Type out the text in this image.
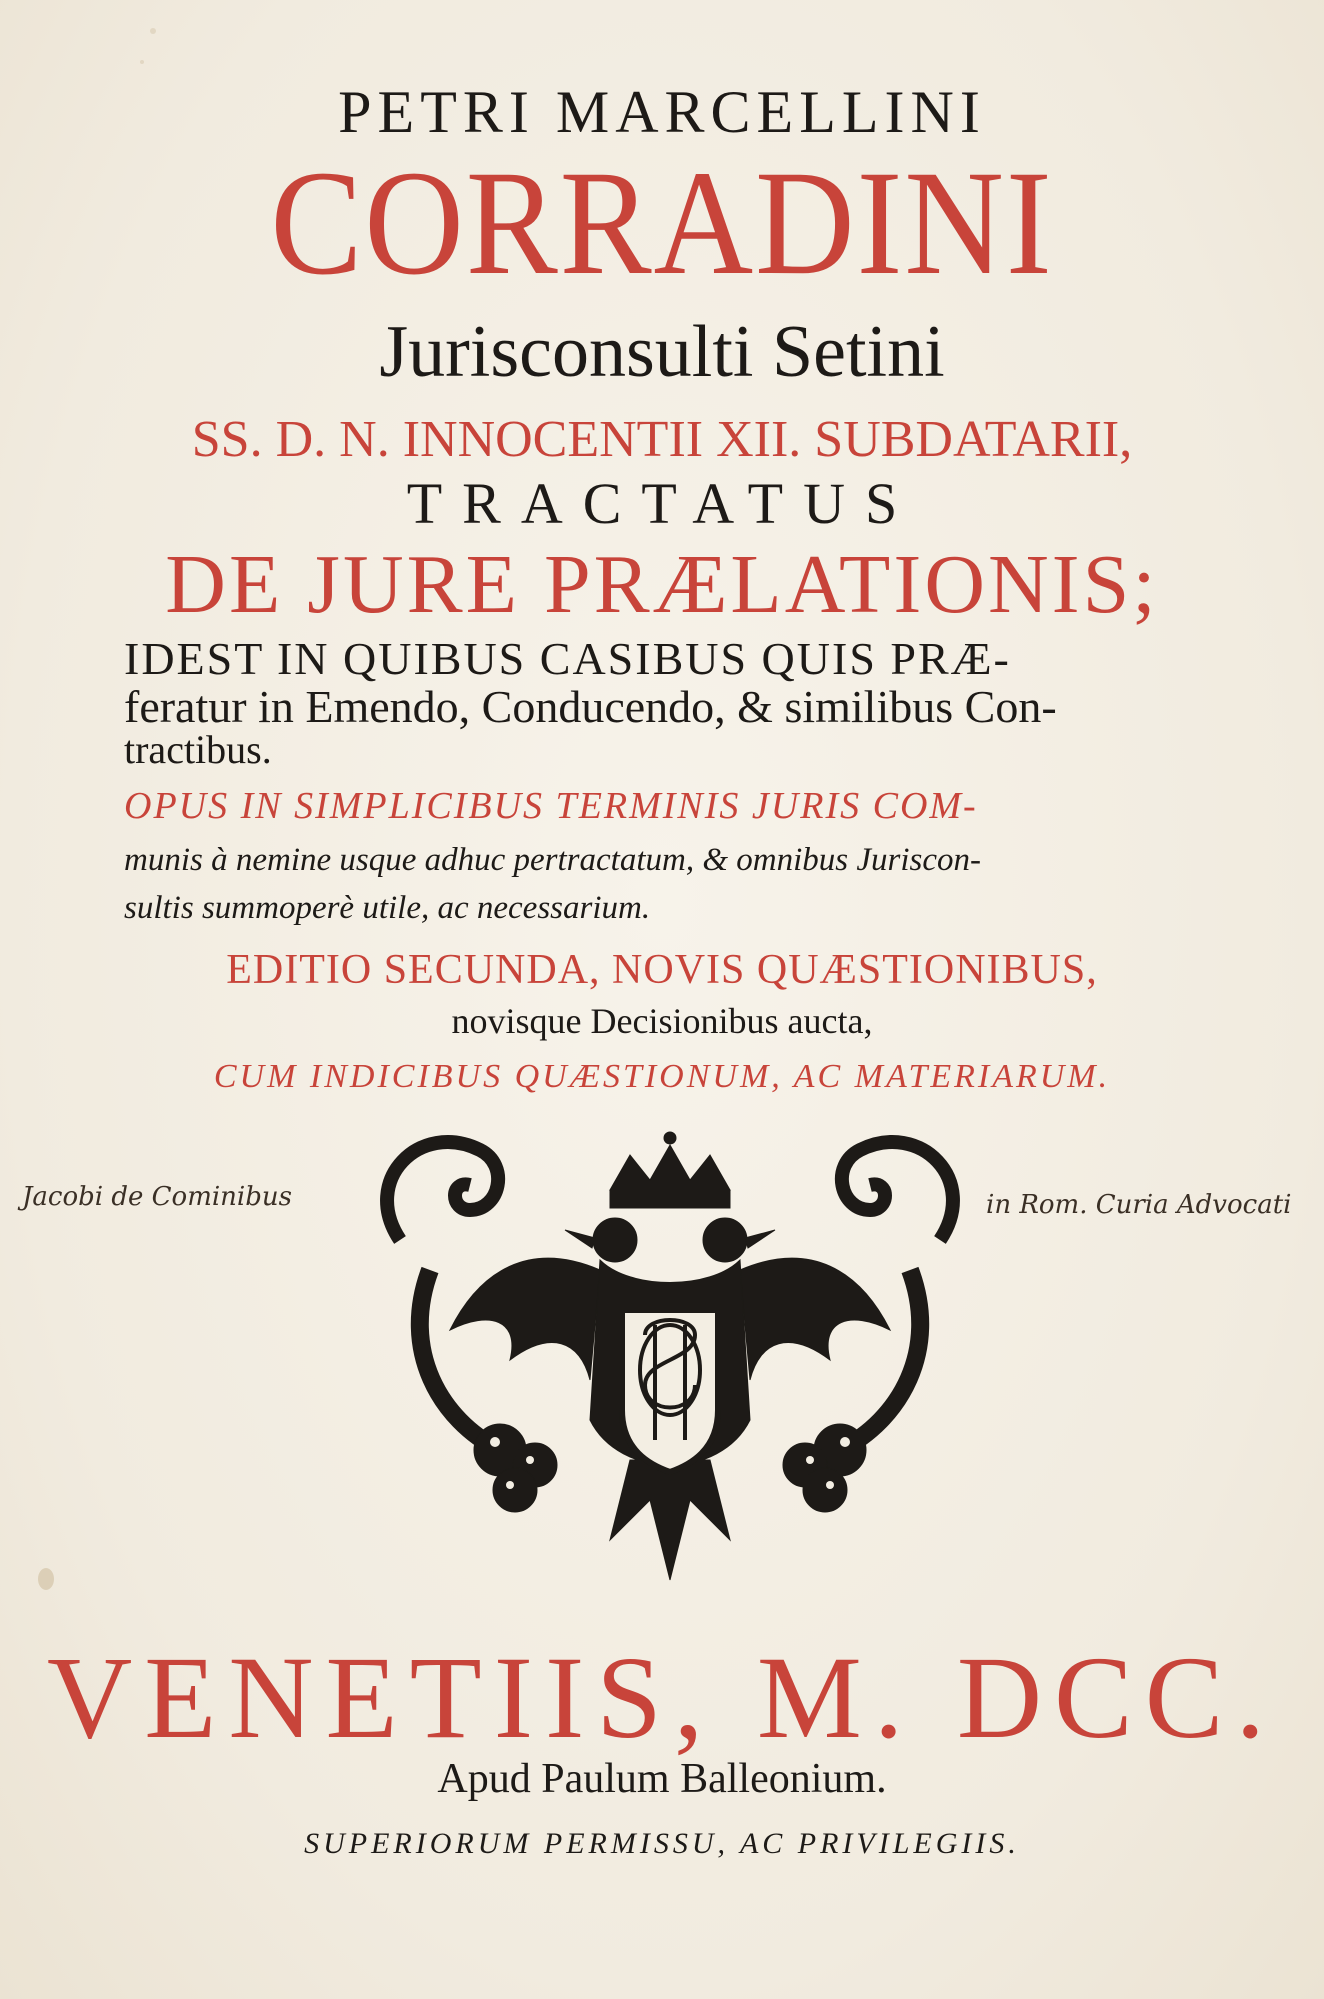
PETRI MARCELLINI
CORRADINI
Jurisconsulti Setini
SS. D. N. INNOCENTII XII. SUBDATARII,
TRACTATUS
DE JURE PRÆLATIONIS;
IDEST IN QUIBUS CASIBUS QUIS PRÆ-
feratur in Emendo, Conducendo, & similibus Con-
tractibus.
OPUS IN SIMPLICIBUS TERMINIS JURIS COM-
munis à nemine usque adhuc pertractatum, & omnibus Juriscon-
sultis summoperè utile, ac necessarium.
EDITIO SECUNDA, NOVIS QUÆSTIONIBUS,
novisque Decisionibus aucta,
CUM INDICIBUS QUÆSTIONUM, AC MATERIARUM.
Jacobi de Cominibus	in Rom. Curia Advocati
VENETIIS, M. DCC.
Apud Paulum Balleonium.
SUPERIORUM PERMISSU, AC PRIVILEGIIS.
